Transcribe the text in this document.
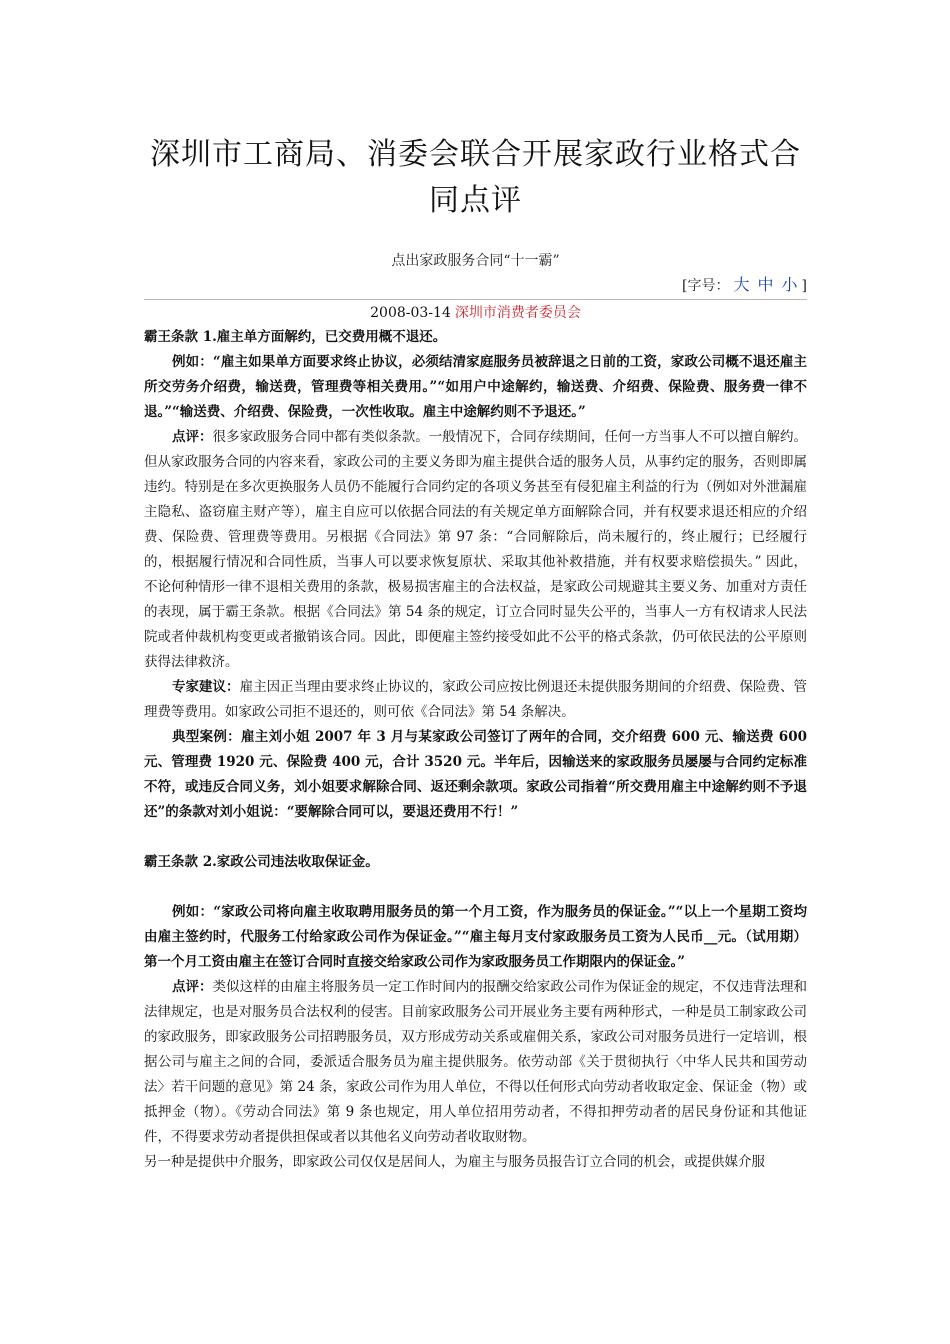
深圳市工商局、消委会联合开展家政行业格式合同点评
点出家政服务合同“十一霸”
[字号： 大 中 小 ]
2008-03-14 深圳市消费者委员会

霸王条款 1.雇主单方面解约，已交费用概不退还。

例如：“雇主如果单方面要求终止协议，必须结清家庭服务员被辞退之日前的工资，家政公司概不退还雇主所交劳务介绍费，输送费，管理费等相关费用。”“如用户中途解约，输送费、介绍费、保险费、服务费一律不退。”“输送费、介绍费、保险费，一次性收取。雇主中途解约则不予退还。”

点评：很多家政服务合同中都有类似条款。一般情况下，合同存续期间，任何一方当事人不可以擅自解约。但从家政服务合同的内容来看，家政公司的主要义务即为雇主提供合适的服务人员，从事约定的服务，否则即属违约。特别是在多次更换服务人员仍不能履行合同约定的各项义务甚至有侵犯雇主利益的行为（例如对外泄漏雇主隐私、盗窃雇主财产等），雇主自应可以依据合同法的有关规定单方面解除合同，并有权要求退还相应的介绍费、保险费、管理费等费用。另根据《合同法》第 97 条：“合同解除后，尚未履行的，终止履行；已经履行的，根据履行情况和合同性质，当事人可以要求恢复原状、采取其他补救措施，并有权要求赔偿损失。” 因此，不论何种情形一律不退相关费用的条款，极易损害雇主的合法权益，是家政公司规避其主要义务、加重对方责任的表现，属于霸王条款。根据《合同法》第 54 条的规定，订立合同时显失公平的，当事人一方有权请求人民法院或者仲裁机构变更或者撤销该合同。因此，即便雇主签约接受如此不公平的格式条款，仍可依民法的公平原则获得法律救济。

专家建议：雇主因正当理由要求终止协议的，家政公司应按比例退还未提供服务期间的介绍费、保险费、管理费等费用。如家政公司拒不退还的，则可依《合同法》第 54 条解决。

典型案例：雇主刘小姐 2007 年 3 月与某家政公司签订了两年的合同，交介绍费 600 元、输送费 600 元、管理费 1920 元、保险费 400 元，合计 3520 元。半年后，因输送来的家政服务员屡屡与合同约定标准不符，或违反合同义务，刘小姐要求解除合同、返还剩余款项。家政公司指着“所交费用雇主中途解约则不予退还”的条款对刘小姐说：“要解除合同可以，要退还费用不行！”

霸王条款 2.家政公司违法收取保证金。

例如：“家政公司将向雇主收取聘用服务员的第一个月工资，作为服务员的保证金。”“以上一个星期工资均由雇主签约时，代服务工付给家政公司作为保证金。”“雇主每月支付家政服务员工资为人民币__元。（试用期）第一个月工资由雇主在签订合同时直接交给家政公司作为家政服务员工作期限内的保证金。”

点评：类似这样的由雇主将服务员一定工作时间内的报酬交给家政公司作为保证金的规定，不仅违背法理和法律规定，也是对服务员合法权利的侵害。目前家政服务公司开展业务主要有两种形式，一种是员工制家政公司的家政服务，即家政服务公司招聘服务员，双方形成劳动关系或雇佣关系，家政公司对服务员进行一定培训，根据公司与雇主之间的合同，委派适合服务员为雇主提供服务。依劳动部《关于贯彻执行〈中华人民共和国劳动法〉若干问题的意见》第 24 条，家政公司作为用人单位，不得以任何形式向劳动者收取定金、保证金（物）或抵押金（物）。《劳动合同法》第 9 条也规定，用人单位招用劳动者，不得扣押劳动者的居民身份证和其他证件，不得要求劳动者提供担保或者以其他名义向劳动者收取财物。

另一种是提供中介服务，即家政公司仅仅是居间人，为雇主与服务员报告订立合同的机会，或提供媒介服
